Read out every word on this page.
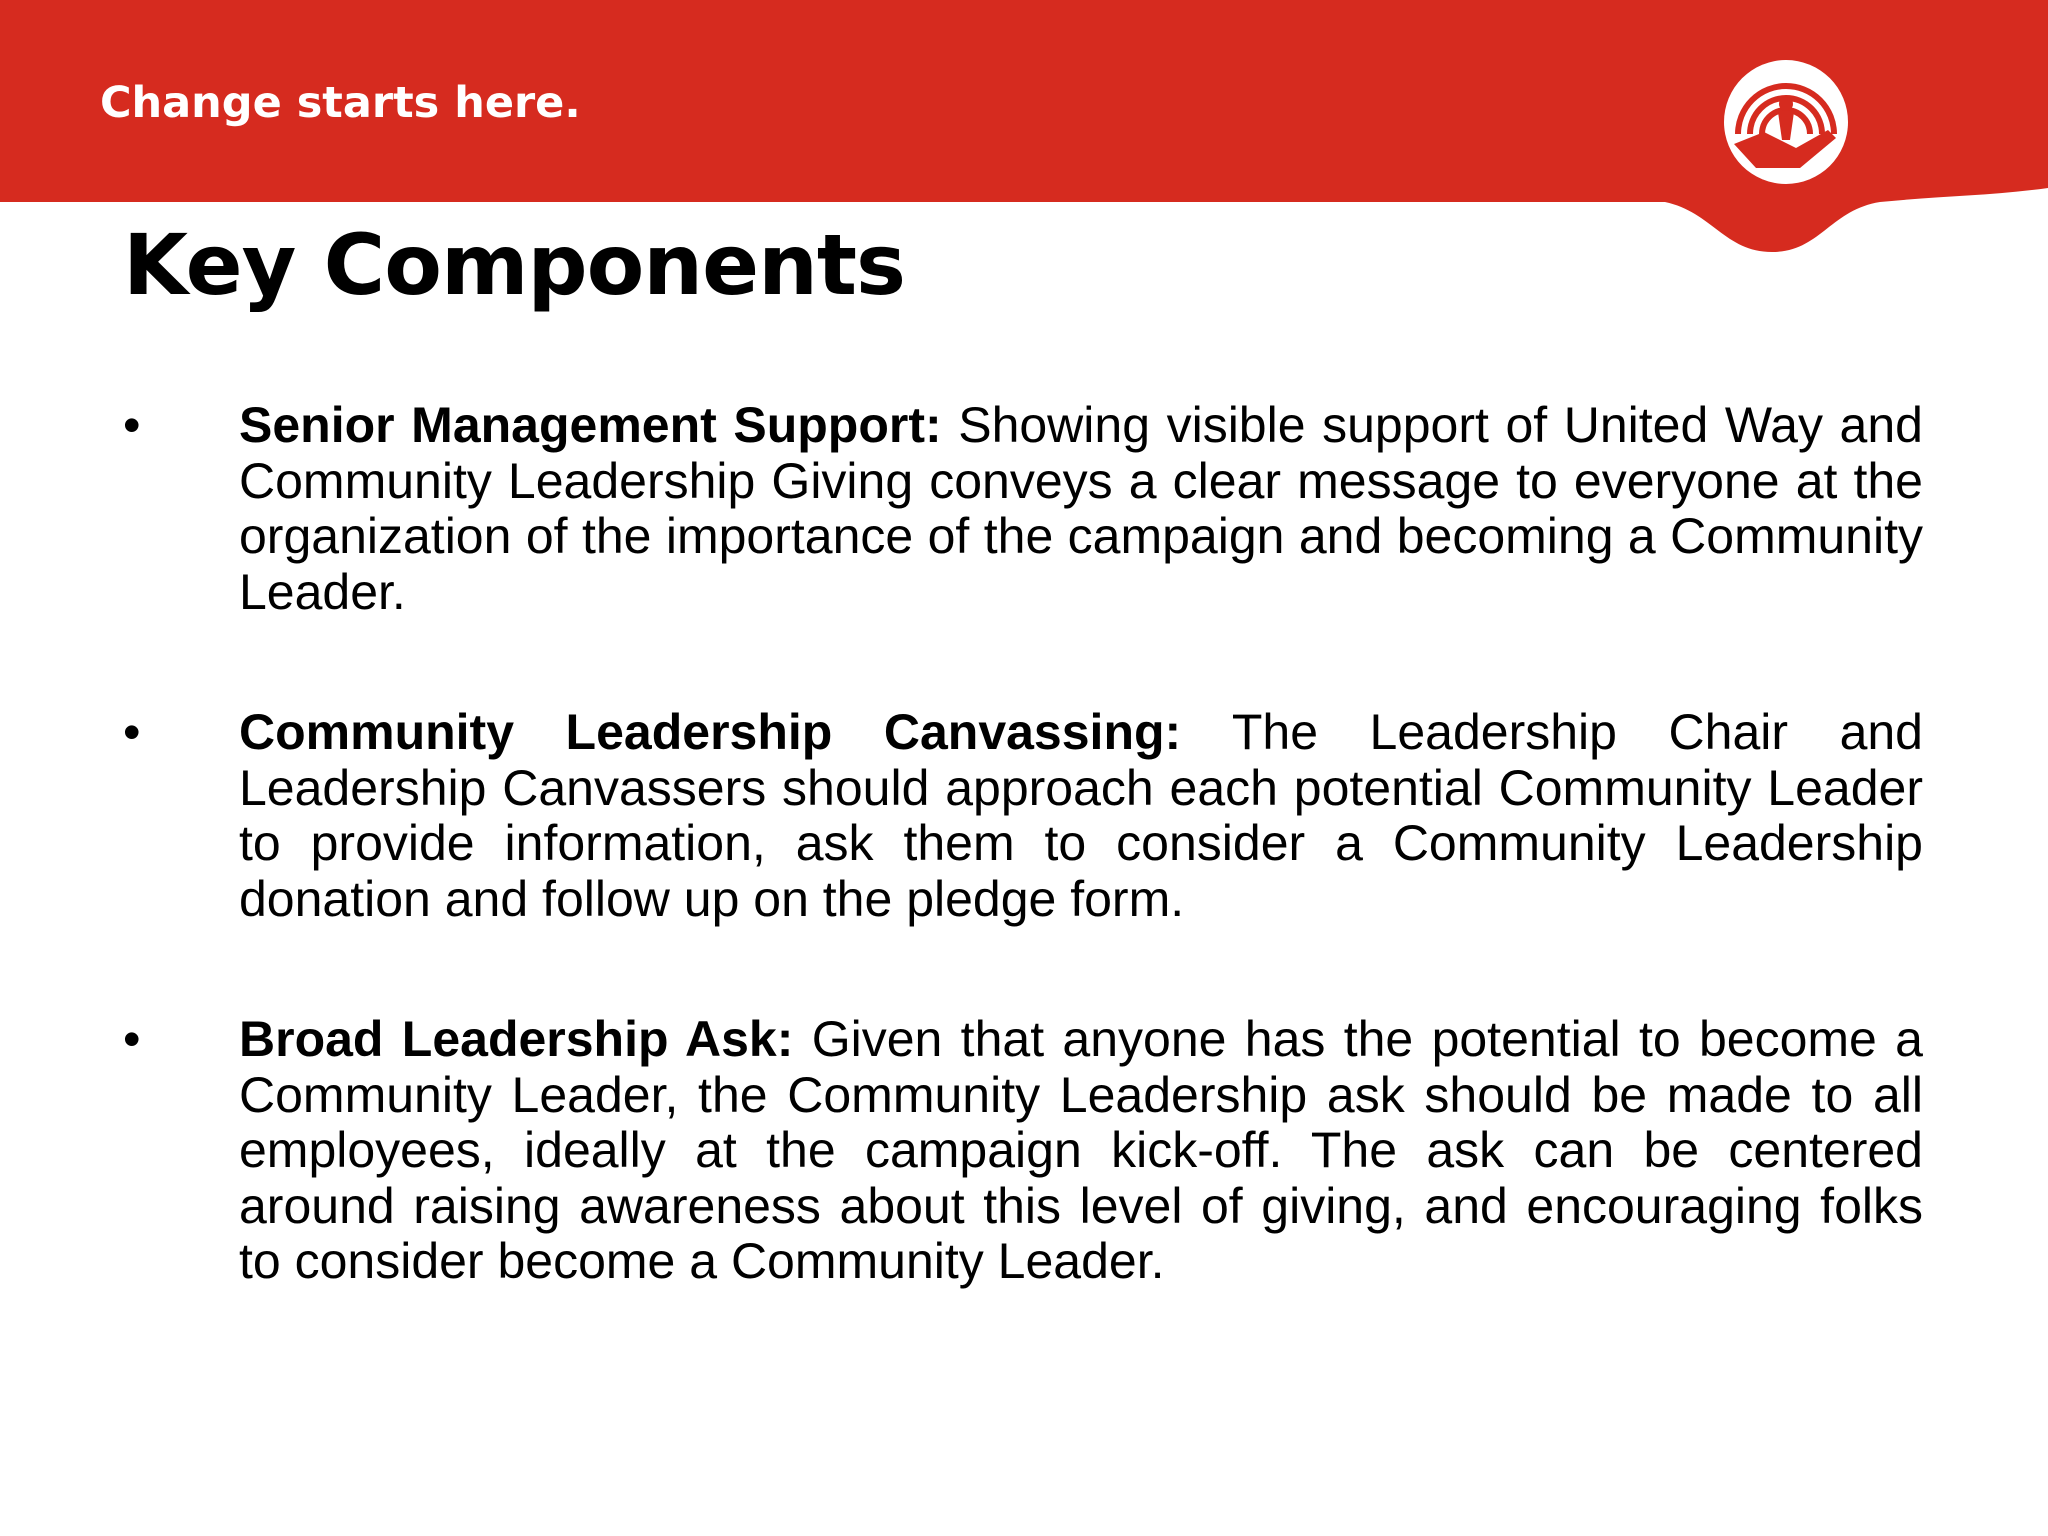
Change starts here.
Key Components
• Senior Management Support: Showing visible support of United Way and Community Leadership Giving conveys a clear message to everyone at the organization of the importance of the campaign and becoming a Community Leader.
• Community Leadership Canvassing: The Leadership Chair and Leadership Canvassers should approach each potential Community Leader to provide information, ask them to consider a Community Leadership donation and follow up on the pledge form.
• Broad Leadership Ask: Given that anyone has the potential to become a Community Leader, the Community Leadership ask should be made to all employees, ideally at the campaign kick-off. The ask can be centered around raising awareness about this level of giving, and encouraging folks to consider become a Community Leader.
